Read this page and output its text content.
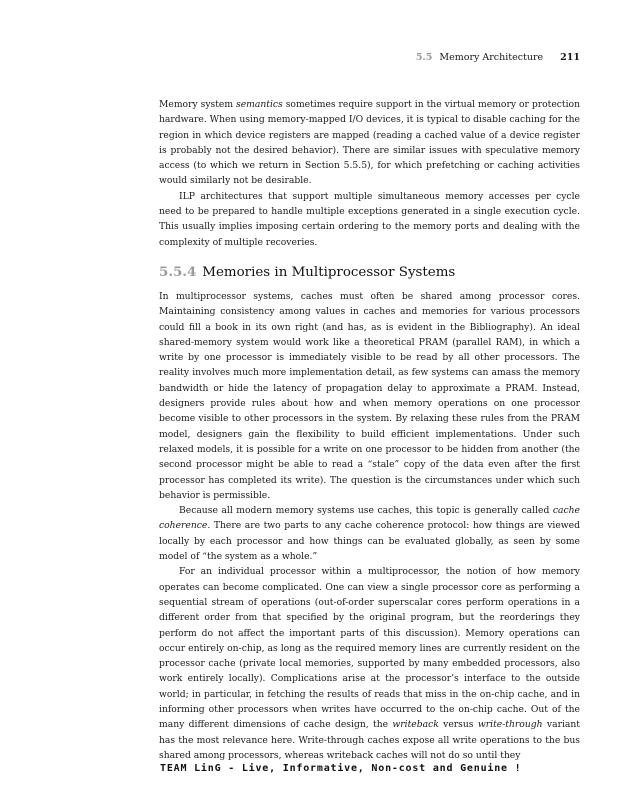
5.5 Memory Architecture 211

Memory system semantics sometimes require support in the virtual memory or protection hardware. When using memory-mapped I/O devices, it is typical to disable caching for the region in which device registers are mapped (reading a cached value of a device register is probably not the desired behavior). There are similar issues with speculative memory access (to which we return in Section 5.5.5), for which prefetching or caching activities would similarly not be desirable.

ILP architectures that support multiple simultaneous memory accesses per cycle need to be prepared to handle multiple exceptions generated in a single execution cycle. This usually implies imposing certain ordering to the memory ports and dealing with the complexity of multiple recoveries.

5.5.4 Memories in Multiprocessor Systems

In multiprocessor systems, caches must often be shared among processor cores. Maintaining consistency among values in caches and memories for various processors could fill a book in its own right (and has, as is evident in the Bibliography). An ideal shared-memory system would work like a theoretical PRAM (parallel RAM), in which a write by one processor is immediately visible to be read by all other processors. The reality involves much more implementation detail, as few systems can amass the memory bandwidth or hide the latency of propagation delay to approximate a PRAM. Instead, designers provide rules about how and when memory operations on one processor become visible to other processors in the system. By relaxing these rules from the PRAM model, designers gain the flexibility to build efficient implementations. Under such relaxed models, it is possible for a write on one processor to be hidden from another (the second processor might be able to read a “stale” copy of the data even after the first processor has completed its write). The question is the circumstances under which such behavior is permissible.

Because all modern memory systems use caches, this topic is generally called cache coherence. There are two parts to any cache coherence protocol: how things are viewed locally by each processor and how things can be evaluated globally, as seen by some model of “the system as a whole.”

For an individual processor within a multiprocessor, the notion of how memory operates can become complicated. One can view a single processor core as performing a sequential stream of operations (out-of-order superscalar cores perform operations in a different order from that specified by the original program, but the reorderings they perform do not affect the important parts of this discussion). Memory operations can occur entirely on-chip, as long as the required memory lines are currently resident on the processor cache (private local memories, supported by many embedded processors, also work entirely locally). Complications arise at the processor’s interface to the outside world; in particular, in fetching the results of reads that miss in the on-chip cache, and in informing other processors when writes have occurred to the on-chip cache. Out of the many different dimensions of cache design, the writeback versus write-through variant has the most relevance here. Write-through caches expose all write operations to the bus shared among processors, whereas writeback caches will not do so until they

TEAM LinG - Live, Informative, Non-cost and Genuine !
